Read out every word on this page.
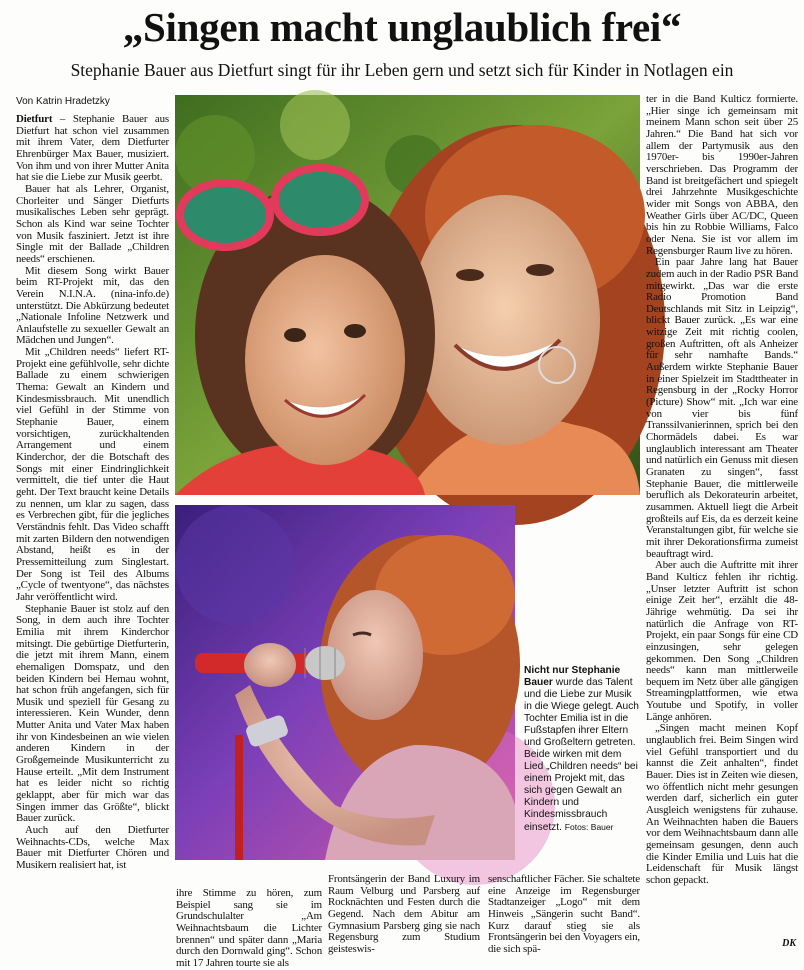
„Singen macht unglaublich frei“
Stephanie Bauer aus Dietfurt singt für ihr Leben gern und setzt sich für Kinder in Notlagen ein
Von Katrin Hradetzky

Dietfurt – Stephanie Bauer aus Dietfurt hat schon viel zusammen mit ihrem Vater, dem Dietfurter Ehrenbürger Max Bauer, musiziert. Von ihm und von ihrer Mutter Anita hat sie die Liebe zur Musik geerbt.

Bauer hat als Lehrer, Organist, Chorleiter und Sänger Dietfurts musikalisches Leben sehr geprägt. Schon als Kind war seine Tochter von Musik fasziniert. Jetzt ist ihre Single mit der Ballade „Children needs“ erschienen.

Mit diesem Song wirkt Bauer beim RT-Projekt mit, das den Verein N.I.N.A. (nina-info.de) unterstützt. Die Abkürzung bedeutet „Nationale Infoline Netzwerk und Anlaufstelle zu sexueller Gewalt an Mädchen und Jungen“.

Mit „Children needs“ liefert RT-Projekt eine gefühlvolle, sehr dichte Ballade zu einem schwierigen Thema: Gewalt an Kindern und Kindesmissbrauch. Mit unendlich viel Gefühl in der Stimme von Stephanie Bauer, einem vorsichtigen, zurückhaltenden Arrangement und einem Kinderchor, der die Botschaft des Songs mit einer Eindringlichkeit vermittelt, die tief unter die Haut geht. Der Text braucht keine Details zu nennen, um klar zu sagen, dass es Verbrechen gibt, für die jegliches Verständnis fehlt. Das Video schafft mit zarten Bildern den notwendigen Abstand, heißt es in der Pressemitteilung zum Singlestart. Der Song ist Teil des Albums „Cycle of twentyone“, das nächstes Jahr veröffentlicht wird.

Stephanie Bauer ist stolz auf den Song, in dem auch ihre Tochter Emilia mit ihrem Kinderchor mitsingt. Die gebürtige Dietfurterin, die jetzt mit ihrem Mann, einem ehemaligen Domspatz, und den beiden Kindern bei Hemau wohnt, hat schon früh angefangen, sich für Musik und speziell für Gesang zu interessieren. Kein Wunder, denn Mutter Anita und Vater Max haben ihr von Kindesbeinen an wie vielen anderen Kindern in der Großgemeinde Musikunterricht zu Hause erteilt. „Mit dem Instrument hat es leider nicht so richtig geklappt, aber für mich war das Singen immer das Größte“, blickt Bauer zurück.

Auch auf den Dietfurter Weihnachts-CDs, welche Max Bauer mit Dietfurter Chören und Musikern realisiert hat, ist

Nicht nur Stephanie Bauer wurde das Talent und die Liebe zur Musik in die Wiege gelegt. Auch Tochter Emilia ist in die Fußstapfen ihrer Eltern und Großeltern getreten. Beide wirken mit dem Lied „Children needs“ bei einem Projekt mit, das sich gegen Gewalt an Kindern und Kindesmissbrauch einsetzt. Fotos: Bauer

ihre Stimme zu hören, zum Beispiel sang sie im Grundschulalter „Am Weihnachtsbaum die Lichter brennen“ und später dann „Maria durch den Dornwald ging“. Schon mit 17 Jahren tourte sie als

Frontsängerin der Band Luxury im Raum Velburg und Parsberg auf Rocknächten und Festen durch die Gegend. Nach dem Abitur am Gymnasium Parsberg ging sie nach Regensburg zum Studium geisteswis-

senschaftlicher Fächer. Sie schaltete eine Anzeige im Regensburger Stadtanzeiger „Logo“ mit dem Hinweis „Sängerin sucht Band“. Kurz darauf stieg sie als Frontsängerin bei den Voyagers ein, die sich spä-

ter in die Band Kulticz formierte. „Hier singe ich gemeinsam mit meinem Mann schon seit über 25 Jahren.“ Die Band hat sich vor allem der Partymusik aus den 1970er- bis 1990er-Jahren verschrieben. Das Programm der Band ist breitgefächert und spiegelt drei Jahrzehnte Musikgeschichte wider mit Songs von ABBA, den Weather Girls über AC/DC, Queen bis hin zu Robbie Williams, Falco oder Nena. Sie ist vor allem im Regensburger Raum live zu hören.

Ein paar Jahre lang hat Bauer zudem auch in der Radio PSR Band mitgewirkt. „Das war die erste Radio Promotion Band Deutschlands mit Sitz in Leipzig“, blickt Bauer zurück. „Es war eine witzige Zeit mit richtig coolen, großen Auftritten, oft als Anheizer für sehr namhafte Bands.“ Außerdem wirkte Stephanie Bauer in einer Spielzeit im Stadttheater in Regensburg in der „Rocky Horror (Picture) Show“ mit. „Ich war eine von vier bis fünf Transsilvanierinnen, sprich bei den Chormädels dabei. Es war unglaublich interessant am Theater und natürlich ein Genuss mit diesen Granaten zu singen“, fasst Stephanie Bauer, die mittlerweile beruflich als Dekorateurin arbeitet, zusammen. Aktuell liegt die Arbeit großteils auf Eis, da es derzeit keine Veranstaltungen gibt, für welche sie mit ihrer Dekorationsfirma zumeist beauftragt wird.

Aber auch die Auftritte mit ihrer Band Kulticz fehlen ihr richtig. „Unser letzter Auftritt ist schon einige Zeit her“, erzählt die 48-Jährige wehmütig. Da sei ihr natürlich die Anfrage von RT-Projekt, ein paar Songs für eine CD einzusingen, sehr gelegen gekommen. Den Song „Children needs“ kann man mittlerweile bequem im Netz über alle gängigen Streamingplattformen, wie etwa Youtube und Spotify, in voller Länge anhören.

„Singen macht meinen Kopf unglaublich frei. Beim Singen wird viel Gefühl transportiert und du kannst die Zeit anhalten“, findet Bauer. Dies ist in Zeiten wie diesen, wo öffentlich nicht mehr gesungen werden darf, sicherlich ein guter Ausgleich wenigstens für zuhause. An Weihnachten haben die Bauers vor dem Weihnachtsbaum dann alle gemeinsam gesungen, denn auch die Kinder Emilia und Luis hat die Leidenschaft für Musik längst schon gepackt.

DK
